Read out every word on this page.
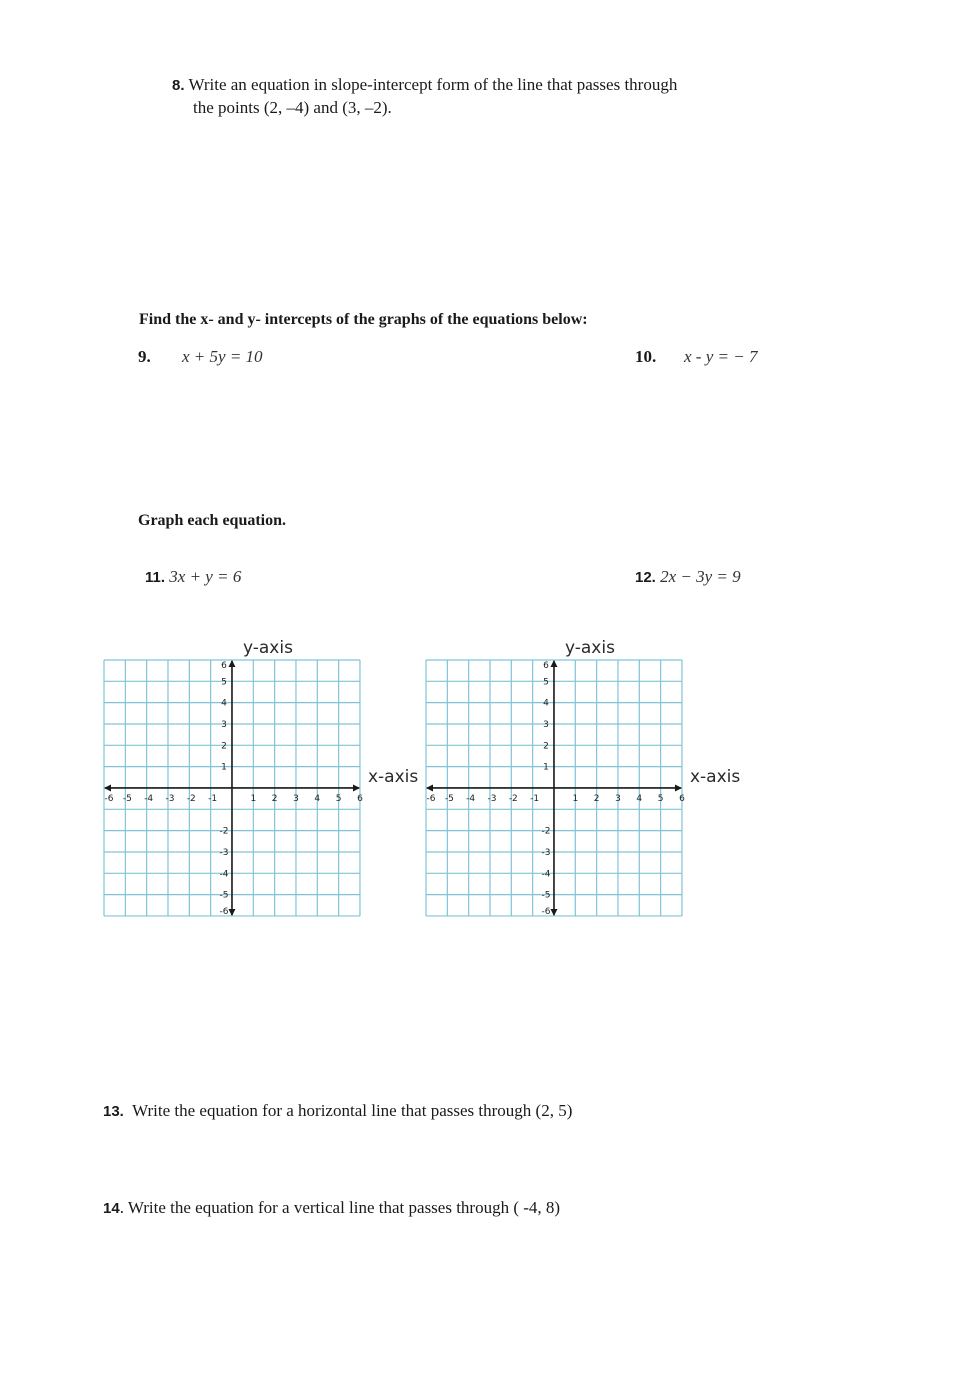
8. Write an equation in slope-intercept form of the line that passes through
the points (2, –4) and (3, –2).
Find the x- and y- intercepts of the graphs of the equations below:
9. x + 5y = 10	10. x - y = − 7
Graph each equation.
11. 3x + y = 6	12. 2x − 3y = 9
-6 -5 -4 -3 -2 -1	1 2 3 4 5 6
6
5
4
3
2
1
-2
-3
-4
-5
-6
y-axis
x-axis
-6 -5 -4 -3 -2 -1	1 2 3 4 5 6
6
5
4
3
2
1
-2
-3
-4
-5
-6
y-axis
x-axis
13. Write the equation for a horizontal line that passes through (2, 5)
14. Write the equation for a vertical line that passes through ( -4, 8)
